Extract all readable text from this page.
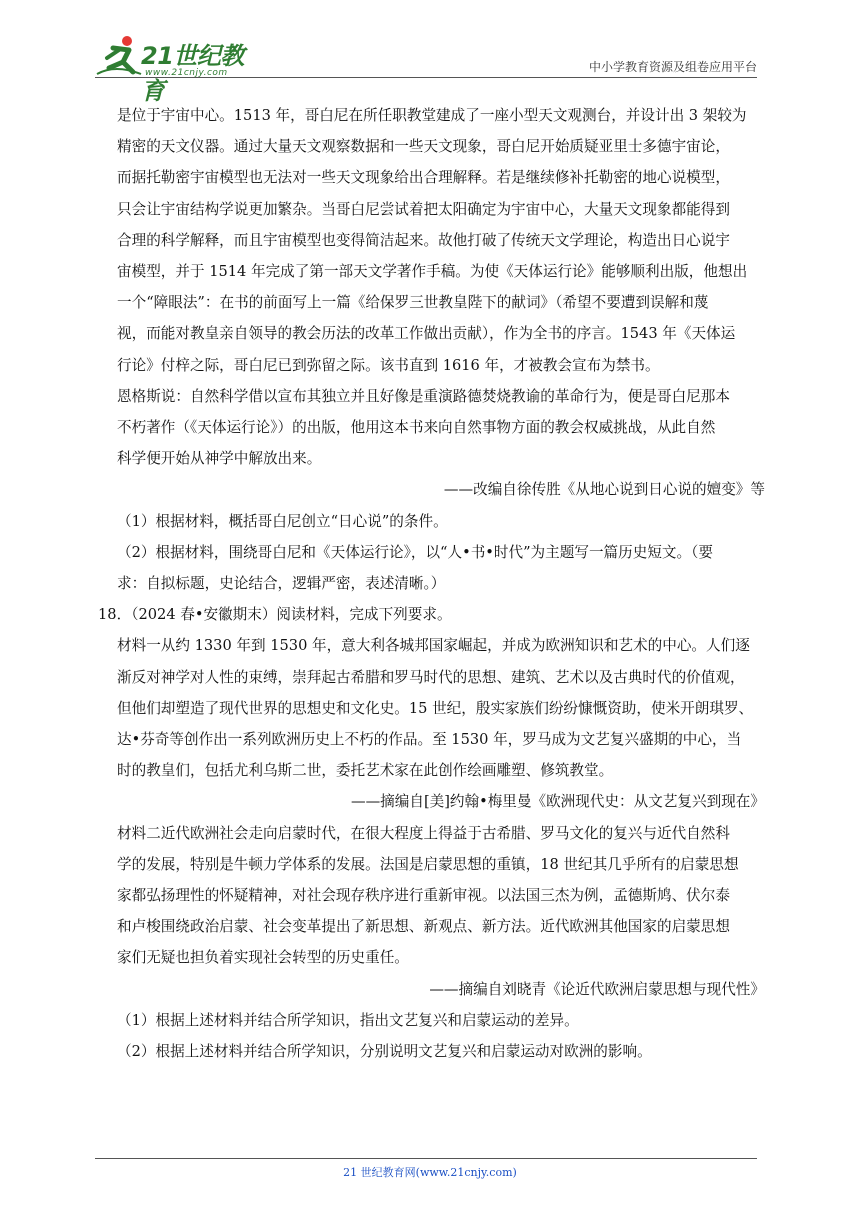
21世纪教育
www.21cnjy.com	中小学教育资源及组卷应用平台

是位于宇宙中心。1513 年，哥白尼在所任职教堂建成了一座小型天文观测台，并设计出 3 架较为

精密的天文仪器。通过大量天文观察数据和一些天文现象，哥白尼开始质疑亚里士多德宇宙论，

而据托勒密宇宙模型也无法对一些天文现象给出合理解释。若是继续修补托勒密的地心说模型，

只会让宇宙结构学说更加繁杂。当哥白尼尝试着把太阳确定为宇宙中心，大量天文现象都能得到

合理的科学解释，而且宇宙模型也变得简洁起来。故他打破了传统天文学理论，构造出日心说宇

宙模型，并于 1514 年完成了第一部天文学著作手稿。为使《天体运行论》能够顺利出版，他想出

一个“障眼法”：在书的前面写上一篇《给保罗三世教皇陛下的献词》（希望不要遭到误解和蔑

视，而能对教皇亲自领导的教会历法的改革工作做出贡献），作为全书的序言。1543 年《天体运

行论》付梓之际，哥白尼已到弥留之际。该书直到 1616 年，才被教会宣布为禁书。

恩格斯说：自然科学借以宣布其独立并且好像是重演路德焚烧教谕的革命行为，便是哥白尼那本

不朽著作（《天体运行论》）的出版，他用这本书来向自然事物方面的教会权威挑战，从此自然

科学便开始从神学中解放出来。

——改编自徐传胜《从地心说到日心说的嬗变》等

（1）根据材料，概括哥白尼创立“日心说”的条件。

（2）根据材料，围绕哥白尼和《天体运行论》，以“人•书•时代”为主题写一篇历史短文。（要

求：自拟标题，史论结合，逻辑严密，表述清晰。）

18．（2024 春•安徽期末）阅读材料，完成下列要求。

材料一从约 1330 年到 1530 年，意大利各城邦国家崛起，并成为欧洲知识和艺术的中心。人们逐

渐反对神学对人性的束缚，崇拜起古希腊和罗马时代的思想、建筑、艺术以及古典时代的价值观，

但他们却塑造了现代世界的思想史和文化史。15 世纪，殷实家族们纷纷慷慨资助，使米开朗琪罗、

达•芬奇等创作出一系列欧洲历史上不朽的作品。至 1530 年，罗马成为文艺复兴盛期的中心，当

时的教皇们，包括尤利乌斯二世，委托艺术家在此创作绘画雕塑、修筑教堂。

——摘编自[美]约翰•梅里曼《欧洲现代史：从文艺复兴到现在》

材料二近代欧洲社会走向启蒙时代，在很大程度上得益于古希腊、罗马文化的复兴与近代自然科

学的发展，特别是牛顿力学体系的发展。法国是启蒙思想的重镇，18 世纪其几乎所有的启蒙思想

家都弘扬理性的怀疑精神，对社会现存秩序进行重新审视。以法国三杰为例，孟德斯鸠、伏尔泰

和卢梭围绕政治启蒙、社会变革提出了新思想、新观点、新方法。近代欧洲其他国家的启蒙思想

家们无疑也担负着实现社会转型的历史重任。

——摘编自刘晓青《论近代欧洲启蒙思想与现代性》

（1）根据上述材料并结合所学知识，指出文艺复兴和启蒙运动的差异。

（2）根据上述材料并结合所学知识，分别说明文艺复兴和启蒙运动对欧洲的影响。

21 世纪教育网(www.21cnjy.com)
